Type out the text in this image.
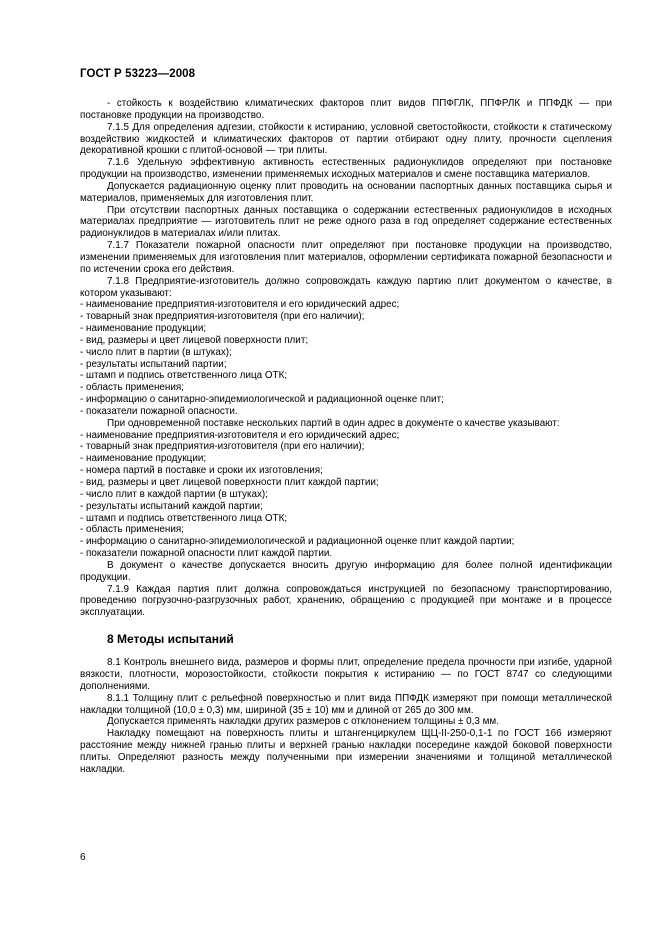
ГОСТ Р 53223—2008

- стойкость к воздействию климатических факторов плит видов ППФГЛК, ППФРЛК и ППФДК — при постановке продукции на производство.

7.1.5 Для определения адгезии, стойкости к истиранию, условной светостойкости, стойкости к статическому воздействию жидкостей и климатических факторов от партии отбирают одну плиту, прочности сцепления декоративной крошки с плитой-основой — три плиты.

7.1.6 Удельную эффективную активность естественных радионуклидов определяют при постановке продукции на производство, изменении применяемых исходных материалов и смене поставщика материалов.

Допускается радиационную оценку плит проводить на основании паспортных данных поставщика сырья и материалов, применяемых для изготовления плит.

При отсутствии паспортных данных поставщика о содержании естественных радионуклидов в исходных материалах предприятие — изготовитель плит не реже одного раза в год определяет содержание естественных радионуклидов в материалах и/или плитах.

7.1.7 Показатели пожарной опасности плит определяют при постановке продукции на производство, изменении применяемых для изготовления плит материалов, оформлении сертификата пожарной безопасности и по истечении срока его действия.

7.1.8 Предприятие-изготовитель должно сопровождать каждую партию плит документом о качестве, в котором указывают:

- наименование предприятия-изготовителя и его юридический адрес;

- товарный знак предприятия-изготовителя (при его наличии);

- наименование продукции;

- вид, размеры и цвет лицевой поверхности плит;

- число плит в партии (в штуках);

- результаты испытаний партии;

- штамп и подпись ответственного лица ОТК;

- область применения;

- информацию о санитарно-эпидемиологической и радиационной оценке плит;

- показатели пожарной опасности.

При одновременной поставке нескольких партий в один адрес в документе о качестве указывают:

- наименование предприятия-изготовителя и его юридический адрес;

- товарный знак предприятия-изготовителя (при его наличии);

- наименование продукции;

- номера партий в поставке и сроки их изготовления;

- вид, размеры и цвет лицевой поверхности плит каждой партии;

- число плит в каждой партии (в штуках);

- результаты испытаний каждой партии;

- штамп и подпись ответственного лица ОТК;

- область применения;

- информацию о санитарно-эпидемиологической и радиационной оценке плит каждой партии;

- показатели пожарной опасности плит каждой партии.

В документ о качестве допускается вносить другую информацию для более полной идентификации продукции.

7.1.9 Каждая партия плит должна сопровождаться инструкцией по безопасному транспортированию, проведению погрузочно-разгрузочных работ, хранению, обращению с продукцией при монтаже и в процессе эксплуатации.

8 Методы испытаний

8.1 Контроль внешнего вида, размеров и формы плит, определение предела прочности при изгибе, ударной вязкости, плотности, морозостойкости, стойкости покрытия к истиранию — по ГОСТ 8747 со следующими дополнениями.

8.1.1 Толщину плит с рельефной поверхностью и плит вида ППФДК измеряют при помощи металлической накладки толщиной (10,0 ± 0,3) мм, шириной (35 ± 10) мм и длиной от 265 до 300 мм.

Допускается применять накладки других размеров с отклонением толщины ± 0,3 мм.

Накладку помещают на поверхность плиты и штангенциркулем ЩЦ-II-250-0,1-1 по ГОСТ 166 измеряют расстояние между нижней гранью плиты и верхней гранью накладки посередине каждой боковой поверхности плиты. Определяют разность между полученными при измерении значениями и толщиной металлической накладки.

6
